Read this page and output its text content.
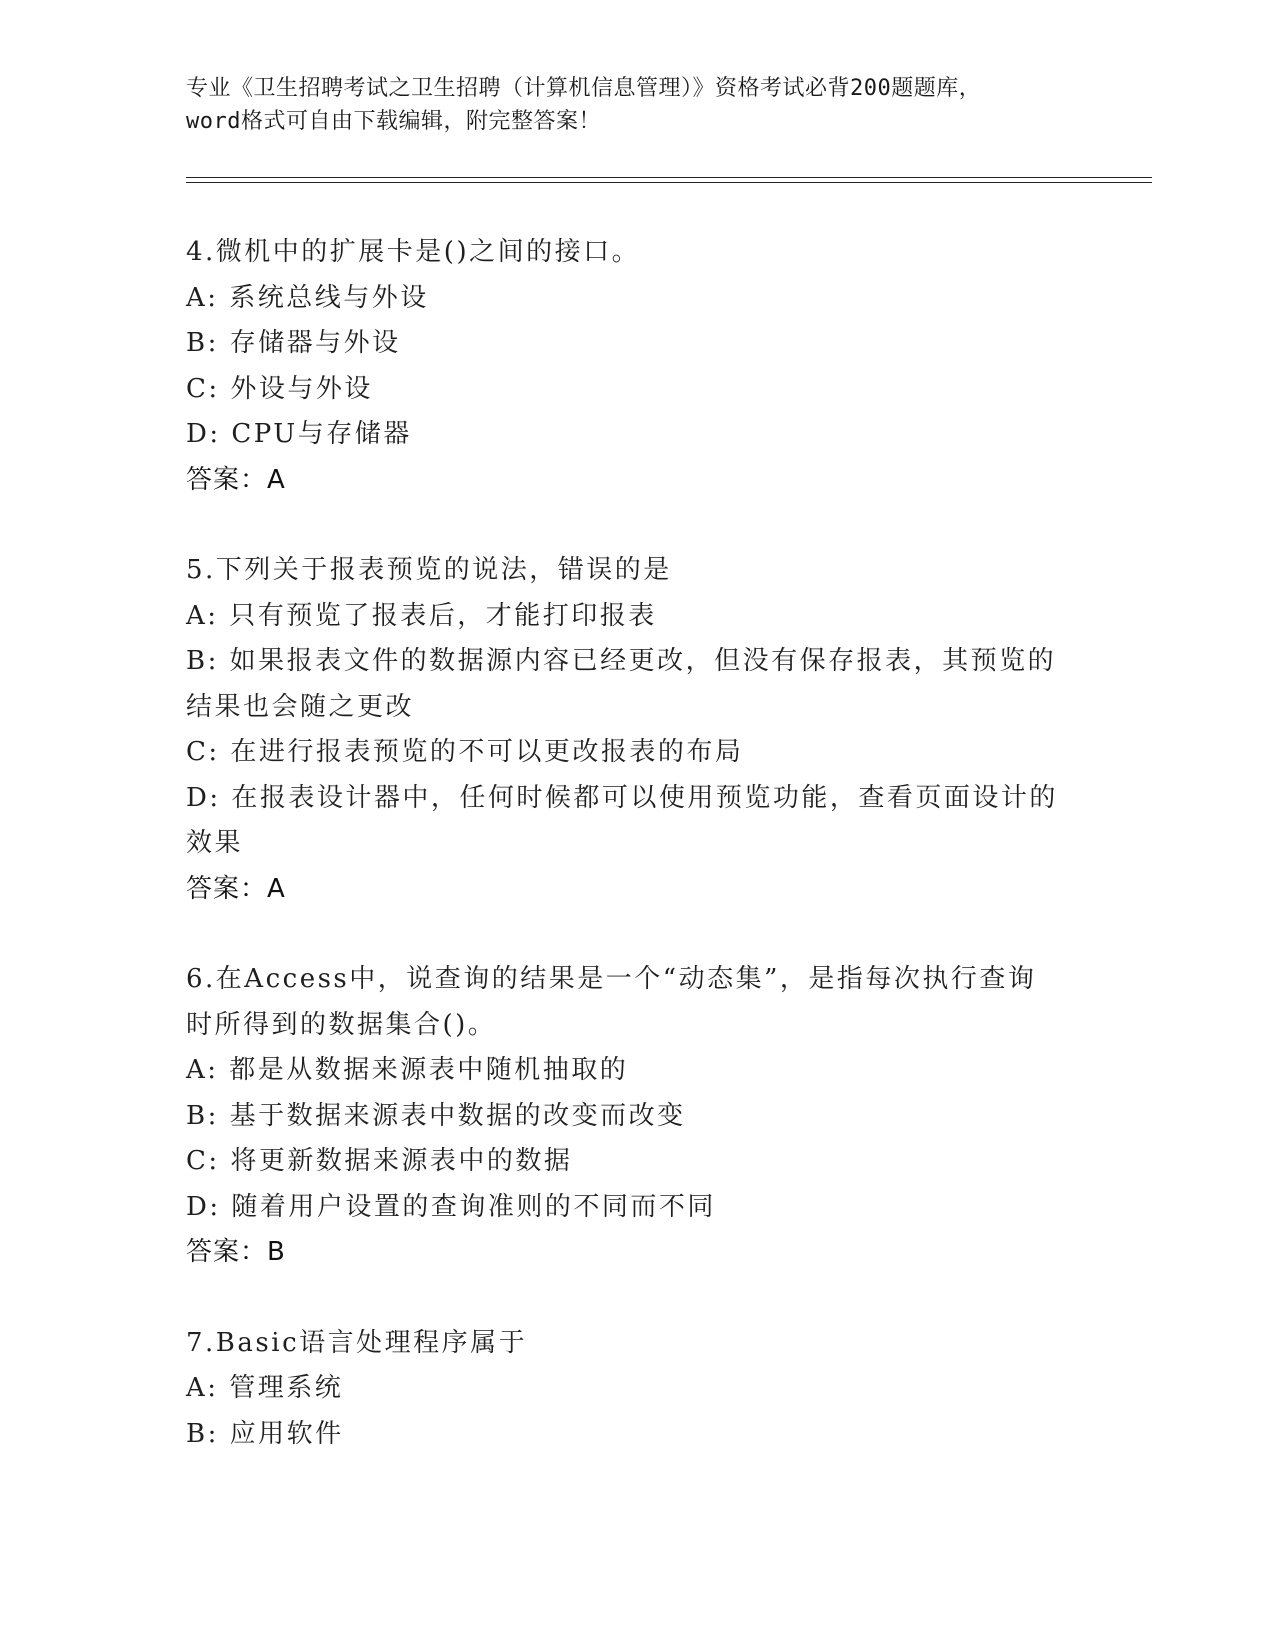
专业《卫生招聘考试之卫生招聘（计算机信息管理）》资格考试必背200题题库，
word格式可自由下载编辑，附完整答案！
4.微机中的扩展卡是()之间的接口。
A: 系统总线与外设
B: 存储器与外设
C: 外设与外设
D: CPU与存储器
答案：A
5.下列关于报表预览的说法，错误的是
A: 只有预览了报表后，才能打印报表
B: 如果报表文件的数据源内容已经更改，但没有保存报表，其预览的
结果也会随之更改
C: 在进行报表预览的不可以更改报表的布局
D: 在报表设计器中，任何时候都可以使用预览功能，查看页面设计的
效果
答案：A
6.在Access中，说查询的结果是一个“动态集”，是指每次执行查询
时所得到的数据集合()。
A: 都是从数据来源表中随机抽取的
B: 基于数据来源表中数据的改变而改变
C: 将更新数据来源表中的数据
D: 随着用户设置的查询准则的不同而不同
答案：B
7.Basic语言处理程序属于
A: 管理系统
B: 应用软件
